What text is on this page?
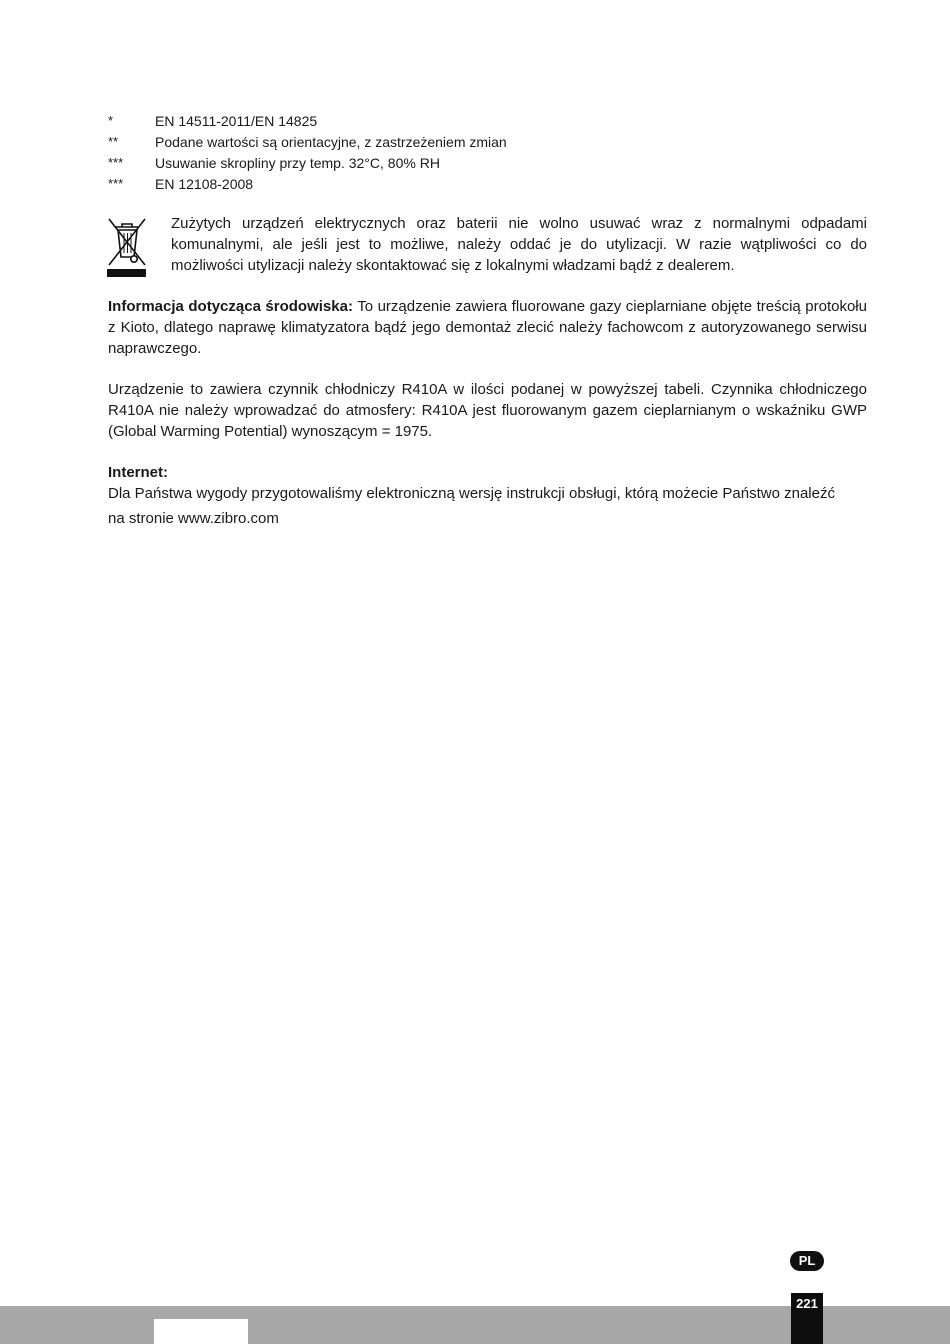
*	EN 14511-2011/EN 14825
**	Podane wartości są orientacyjne, z zastrzeżeniem zmian
***	Usuwanie skropliny przy temp. 32°C, 80% RH
***	EN 12108-2008
Zużytych urządzeń elektrycznych oraz baterii nie wolno usuwać wraz z normalnymi odpadami komunalnymi, ale jeśli jest to możliwe, należy oddać je do utylizacji. W razie wątpliwości co do możliwości utylizacji należy skontaktować się z lokalnymi władzami bądź z dealerem.
Informacja dotycząca środowiska: To urządzenie zawiera fluorowane gazy cieplarniane objęte treścią protokołu z Kioto, dlatego naprawę klimatyzatora bądź jego demontaż zlecić należy fachowcom z autoryzowanego serwisu naprawczego.
Urządzenie to zawiera czynnik chłodniczy R410A w ilości podanej w powyższej tabeli. Czynnika chłodniczego R410A nie należy wprowadzać do atmosfery: R410A jest fluorowanym gazem cieplarnianym o wskaźniku GWP (Global Warming Potential) wynoszącym = 1975.
Internet:
Dla Państwa wygody przygotowaliśmy elektroniczną wersję instrukcji obsługi, którą możecie Państwo znaleźć
na stronie www.zibro.com
PL
221
